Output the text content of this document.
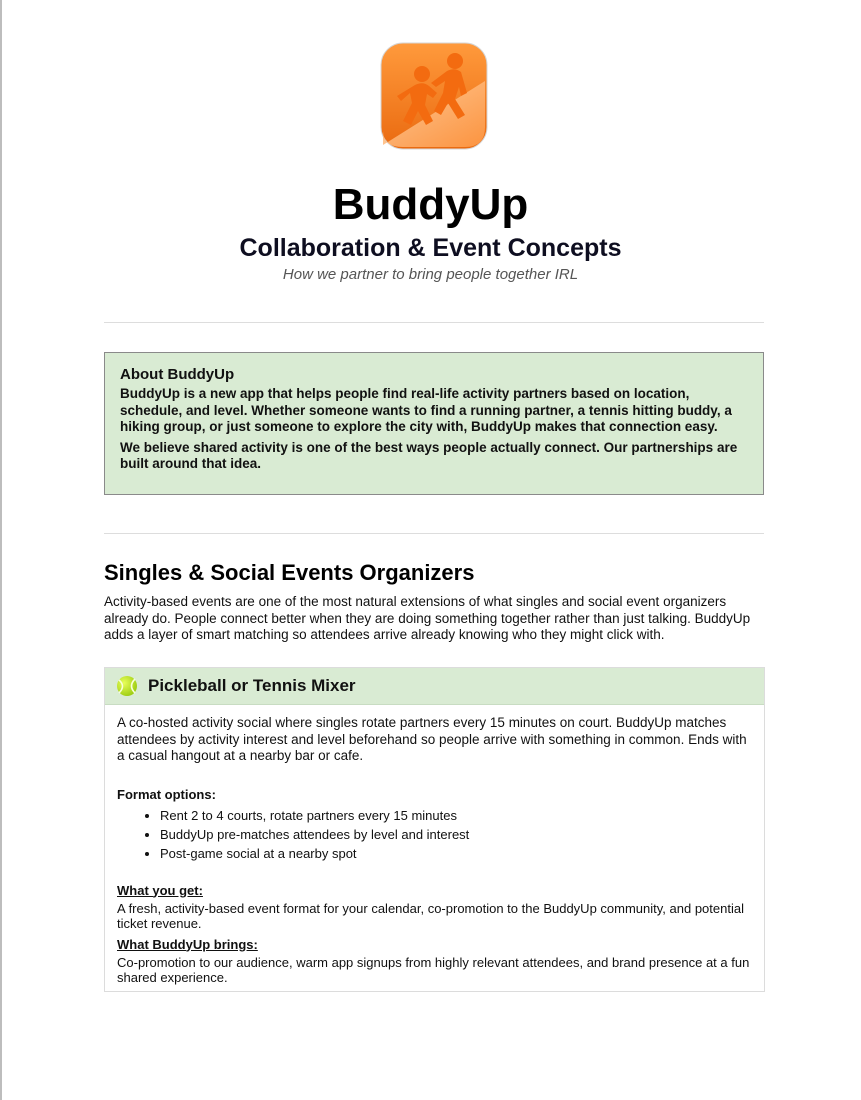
BuddyUp
Collaboration & Event Concepts
How we partner to bring people together IRL
About BuddyUp

BuddyUp is a new app that helps people find real-life activity partners based on location, schedule, and level. Whether someone wants to find a running partner, a tennis hitting buddy, a hiking group, or just someone to explore the city with, BuddyUp makes that connection easy.

We believe shared activity is one of the best ways people actually connect. Our partnerships are built around that idea.

Singles & Social Events Organizers

Activity-based events are one of the most natural extensions of what singles and social event organizers already do. People connect better when they are doing something together rather than just talking. BuddyUp adds a layer of smart matching so attendees arrive already knowing who they might click with.

Pickleball or Tennis Mixer

A co-hosted activity social where singles rotate partners every 15 minutes on court. BuddyUp matches attendees by activity interest and level beforehand so people arrive with something in common. Ends with a casual hangout at a nearby bar or cafe.

Format options:
• Rent 2 to 4 courts, rotate partners every 15 minutes
• BuddyUp pre-matches attendees by level and interest
• Post-game social at a nearby spot
What you get:

A fresh, activity-based event format for your calendar, co-promotion to the BuddyUp community, and potential ticket revenue.

What BuddyUp brings:

Co-promotion to our audience, warm app signups from highly relevant attendees, and brand presence at a fun shared experience.
